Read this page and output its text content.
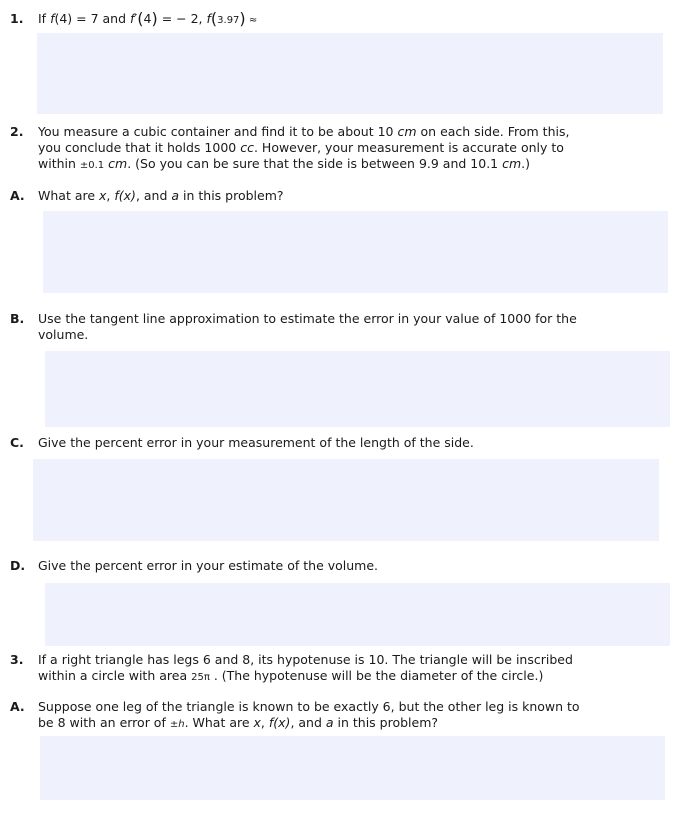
1. If f(4) = 7 and f′(4) = − 2, f(3.97) ≈
2. You measure a cubic container and find it to be about 10 cm on each side. From this,
you conclude that it holds 1000 cc. However, your measurement is accurate only to
within ±0.1 cm. (So you can be sure that the side is between 9.9 and 10.1 cm.)
A. What are x, f(x), and a in this problem?
B. Use the tangent line approximation to estimate the error in your value of 1000 for the
volume.
C. Give the percent error in your measurement of the length of the side.
D. Give the percent error in your estimate of the volume.
3. If a right triangle has legs 6 and 8, its hypotenuse is 10. The triangle will be inscribed
within a circle with area 25π . (The hypotenuse will be the diameter of the circle.)
A. Suppose one leg of the triangle is known to be exactly 6, but the other leg is known to
be 8 with an error of ±h. What are x, f(x), and a in this problem?
